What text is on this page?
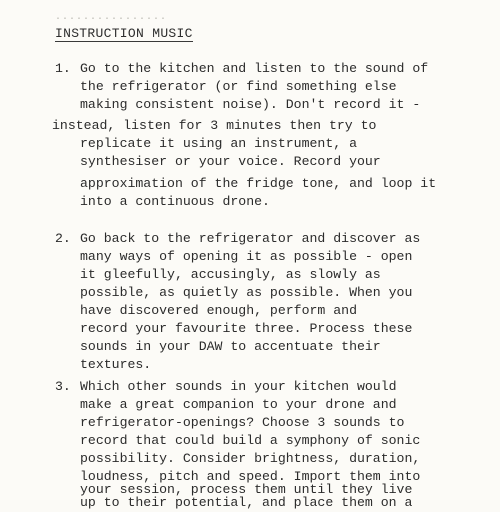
................
INSTRUCTION MUSIC
1. Go to the kitchen and listen to the sound of
the refrigerator (or find something else
making consistent noise). Don't record it -
instead, listen for 3 minutes then try to
replicate it using an instrument, a
synthesiser or your voice. Record your
approximation of the fridge tone, and loop it
into a continuous drone.
2. Go back to the refrigerator and discover as
many ways of opening it as possible - open
it gleefully, accusingly, as slowly as
possible, as quietly as possible. When you
have discovered enough, perform and
record your favourite three. Process these
sounds in your DAW to accentuate their
textures.
3. Which other sounds in your kitchen would
make a great companion to your drone and
refrigerator-openings? Choose 3 sounds to
record that could build a symphony of sonic
possibility. Consider brightness, duration,
loudness, pitch and speed. Import them into
your session, process them until they live
up to their potential, and place them on a
